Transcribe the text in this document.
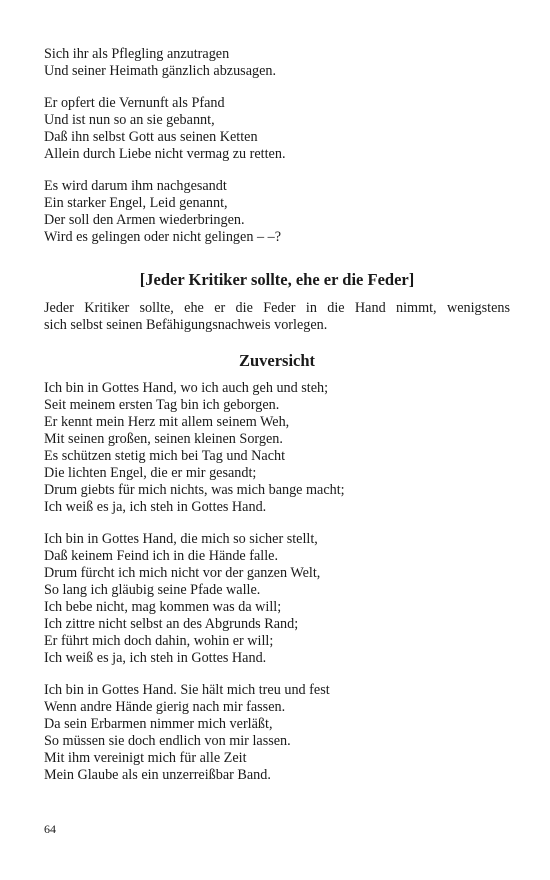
Sich ihr als Pflegling anzutragen
Und seiner Heimath gänzlich abzusagen.
Er opfert die Vernunft als Pfand
Und ist nun so an sie gebannt,
Daß ihn selbst Gott aus seinen Ketten
Allein durch Liebe nicht vermag zu retten.
Es wird darum ihm nachgesandt
Ein starker Engel, Leid genannt,
Der soll den Armen wiederbringen.
Wird es gelingen oder nicht gelingen – –?
[Jeder Kritiker sollte, ehe er die Feder]

Jeder Kritiker sollte, ehe er die Feder in die Hand nimmt, wenigstens
sich selbst seinen Befähigungsnachweis vorlegen.

Zuversicht
Ich bin in Gottes Hand, wo ich auch geh und steh;
Seit meinem ersten Tag bin ich geborgen.
Er kennt mein Herz mit allem seinem Weh,
Mit seinen großen, seinen kleinen Sorgen.
Es schützen stetig mich bei Tag und Nacht
Die lichten Engel, die er mir gesandt;
Drum giebts für mich nichts, was mich bange macht;
Ich weiß es ja, ich steh in Gottes Hand.
Ich bin in Gottes Hand, die mich so sicher stellt,
Daß keinem Feind ich in die Hände falle.
Drum fürcht ich mich nicht vor der ganzen Welt,
So lang ich gläubig seine Pfade walle.
Ich bebe nicht, mag kommen was da will;
Ich zittre nicht selbst an des Abgrunds Rand;
Er führt mich doch dahin, wohin er will;
Ich weiß es ja, ich steh in Gottes Hand.
Ich bin in Gottes Hand. Sie hält mich treu und fest
Wenn andre Hände gierig nach mir fassen.
Da sein Erbarmen nimmer mich verläßt,
So müssen sie doch endlich von mir lassen.
Mit ihm vereinigt mich für alle Zeit
Mein Glaube als ein unzerreißbar Band.
64
